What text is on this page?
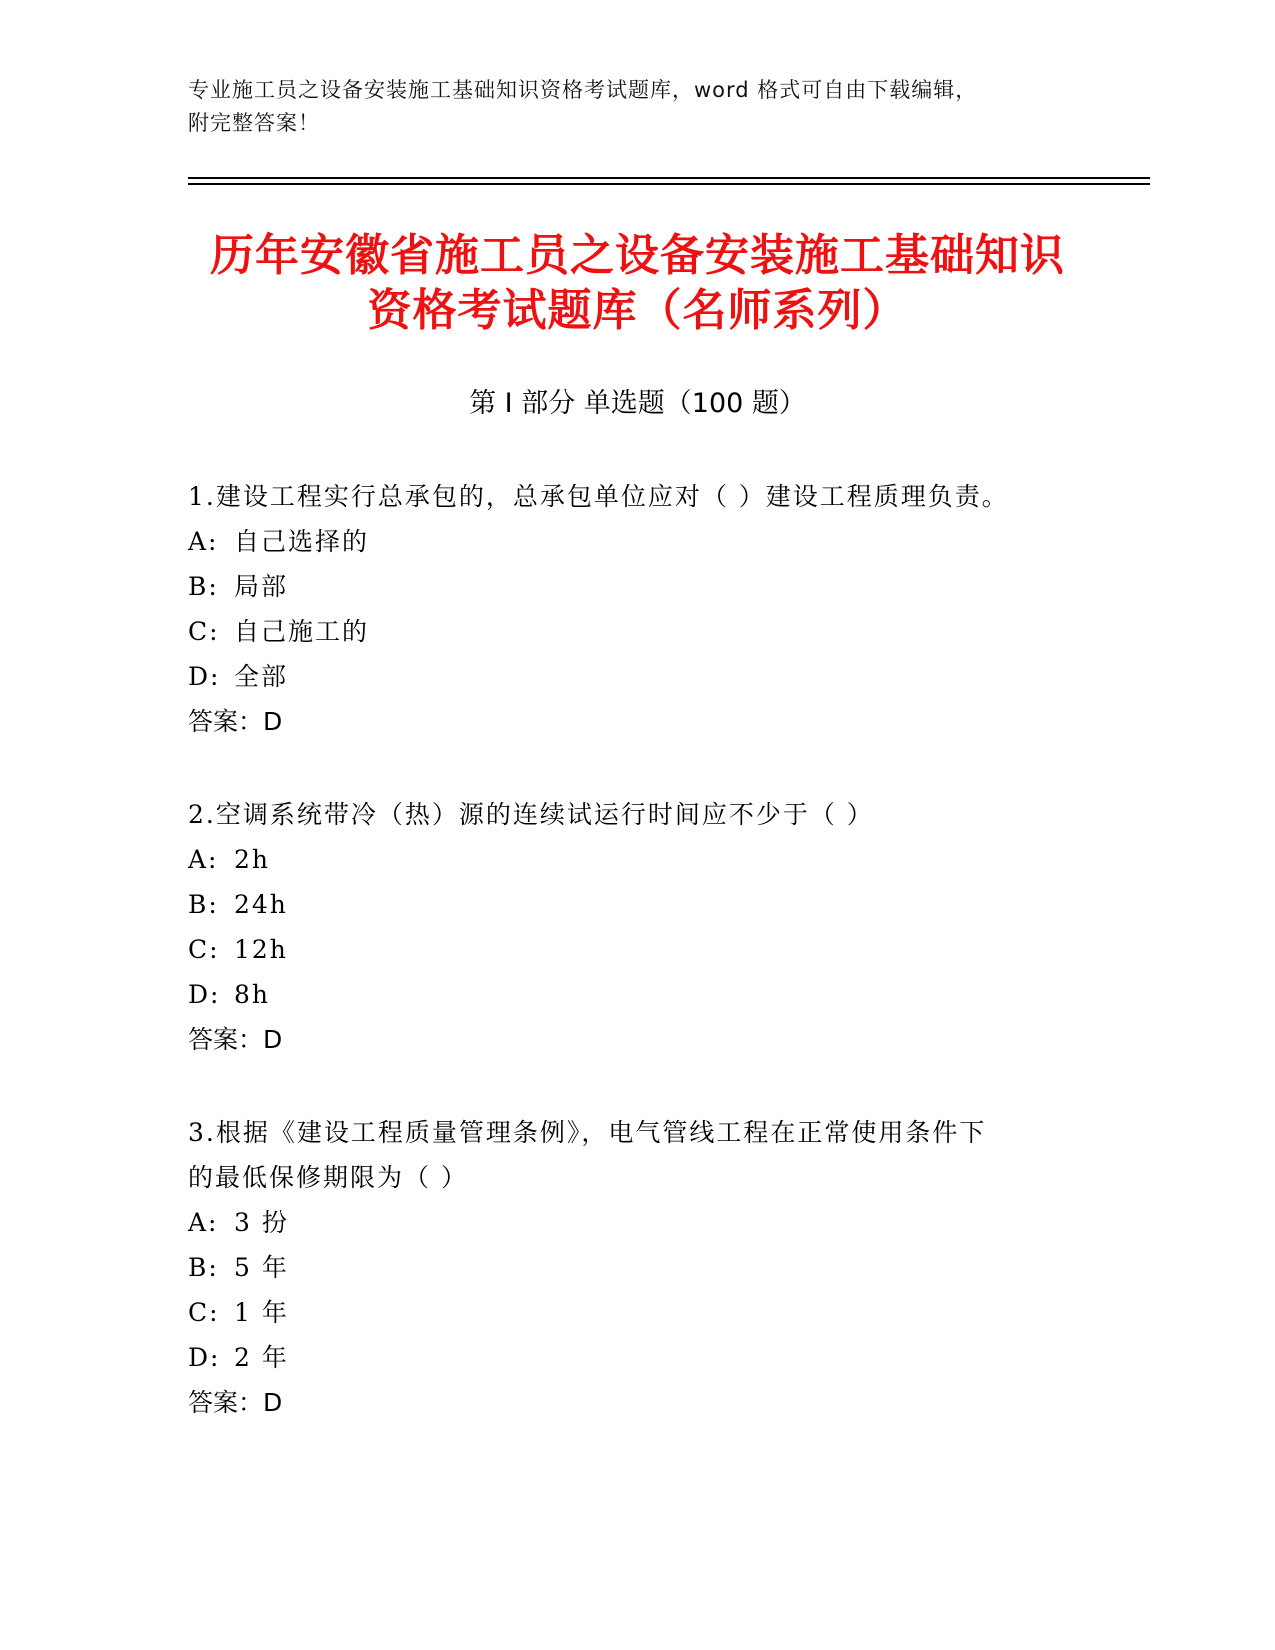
专业施工员之设备安装施工基础知识资格考试题库，word 格式可自由下载编辑，

附完整答案！

历年安徽省施工员之设备安装施工基础知识

资格考试题库（名师系列）

第 I 部分 单选题（100 题）

1.建设工程实行总承包的，总承包单位应对（ ）建设工程质理负责。

A: 自己选择的

B: 局部

C: 自己施工的

D: 全部

答案：D

2.空调系统带冷（热）源的连续试运行时间应不少于（ ）

A: 2h

B: 24h

C: 12h

D: 8h

答案：D

3.根据《建设工程质量管理条例》，电气管线工程在正常使用条件下

的最低保修期限为（ ）

A: 3 扮

B: 5 年

C: 1 年

D: 2 年

答案：D
